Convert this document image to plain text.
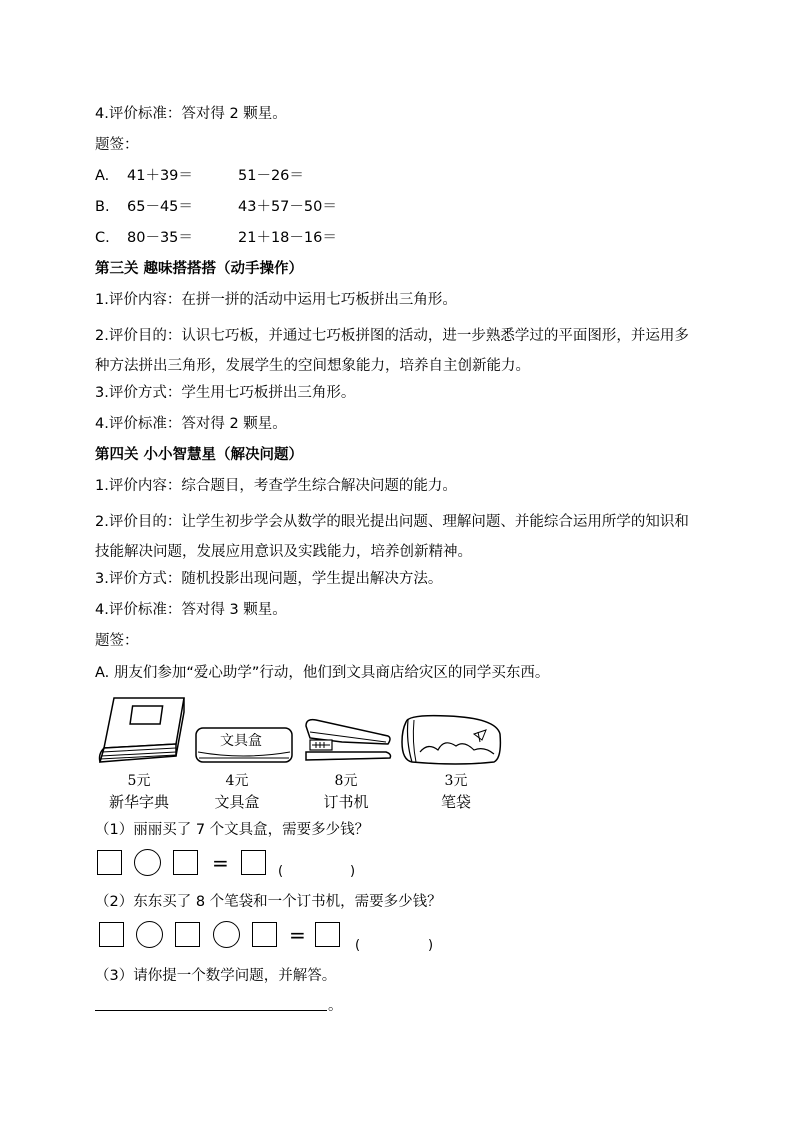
4.评价标准：答对得 2 颗星。
题签：
A. 41＋39＝	51－26＝
B. 65－45＝	43＋57－50＝
C. 80－35＝	21＋18－16＝
第三关 趣味搭搭搭（动手操作）
1.评价内容：在拼一拼的活动中运用七巧板拼出三角形。
2.评价目的：认识七巧板，并通过七巧板拼图的活动，进一步熟悉学过的平面图形，并运用多种方法拼出三角形，发展学生的空间想象能力，培养自主创新能力。
3.评价方式：学生用七巧板拼出三角形。
4.评价标准：答对得 2 颗星。
第四关 小小智慧星（解决问题）
1.评价内容：综合题目，考查学生综合解决问题的能力。
2.评价目的：让学生初步学会从数学的眼光提出问题、理解问题、并能综合运用所学的知识和技能解决问题，发展应用意识及实践能力，培养创新精神。
3.评价方式：随机投影出现问题，学生提出解决方法。
4.评价标准：答对得 3 颗星。
题签：
A. 朋友们参加“爱心助学”行动，他们到文具商店给灾区的同学买东西。
文具盒
5元
新华字典
4元
文具盒
8元
订书机
3元
笔袋
（1）丽丽买了 7 个文具盒，需要多少钱？
=	(	)
（2）东东买了 8 个笔袋和一个订书机，需要多少钱？
=	(	)
（3）请你提一个数学问题，并解答。
。
